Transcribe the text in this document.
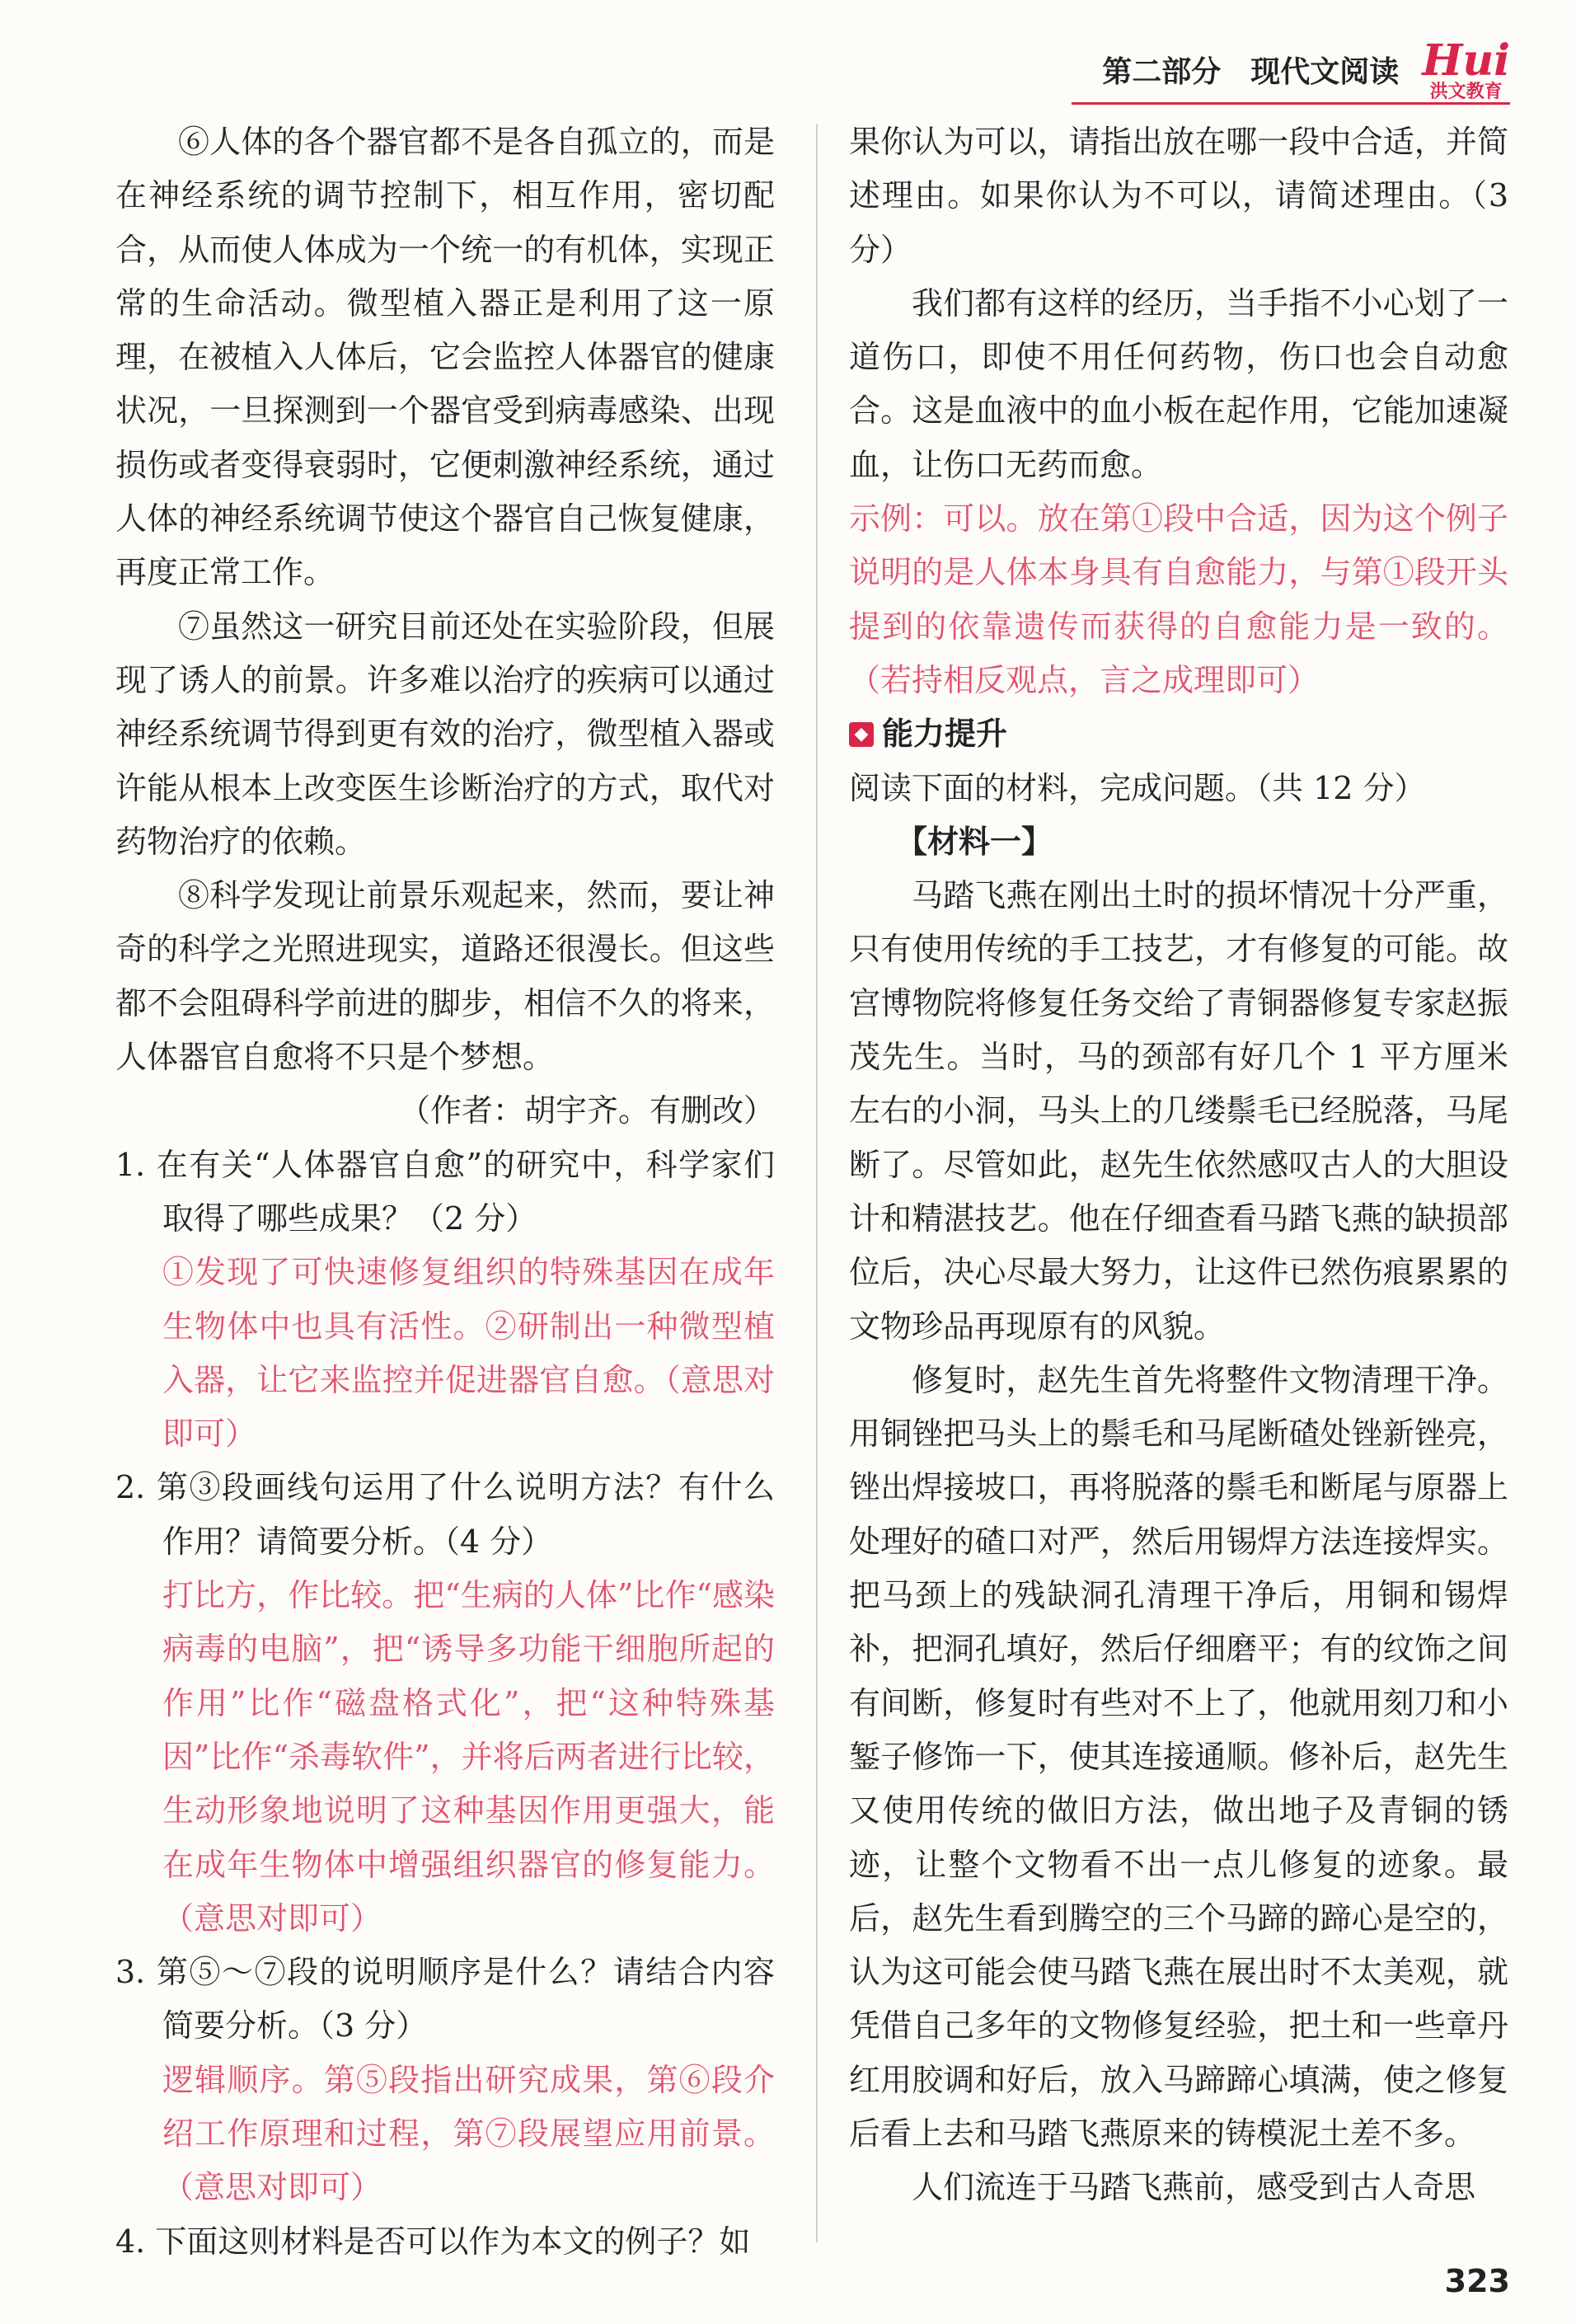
第二部分　现代文阅读 Hui
洪文教育

⑥人体的各个器官都不是各自孤立的，而是在神经系统的调节控制下，相互作用，密切配合，从而使人体成为一个统一的有机体，实现正常的生命活动。微型植入器正是利用了这一原理，在被植入人体后，它会监控人体器官的健康状况，一旦探测到一个器官受到病毒感染、出现损伤或者变得衰弱时，它便刺激神经系统，通过人体的神经系统调节使这个器官自己恢复健康，再度正常工作。

⑦虽然这一研究目前还处在实验阶段，但展现了诱人的前景。许多难以治疗的疾病可以通过神经系统调节得到更有效的治疗，微型植入器或许能从根本上改变医生诊断治疗的方式，取代对药物治疗的依赖。

⑧科学发现让前景乐观起来，然而，要让神奇的科学之光照进现实，道路还很漫长。但这些都不会阻碍科学前进的脚步，相信不久的将来，人体器官自愈将不只是个梦想。

（作者：胡宇齐。有删改）

1. 在有关“人体器官自愈”的研究中，科学家们取得了哪些成果？（2 分）

①发现了可快速修复组织的特殊基因在成年生物体中也具有活性。②研制出一种微型植入器，让它来监控并促进器官自愈。（意思对即可）

2. 第③段画线句运用了什么说明方法？有什么作用？请简要分析。（4 分）

打比方，作比较。把“生病的人体”比作“感染病毒的电脑”，把“诱导多功能干细胞所起的作用”比作“磁盘格式化”，把“这种特殊基因”比作“杀毒软件”，并将后两者进行比较，生动形象地说明了这种基因作用更强大，能在成年生物体中增强组织器官的修复能力。（意思对即可）

3. 第⑤～⑦段的说明顺序是什么？请结合内容简要分析。（3 分）

逻辑顺序。第⑤段指出研究成果，第⑥段介绍工作原理和过程，第⑦段展望应用前景。（意思对即可）

4. 下面这则材料是否可以作为本文的例子？如

果你认为可以，请指出放在哪一段中合适，并简述理由。如果你认为不可以，请简述理由。（3 分）

我们都有这样的经历，当手指不小心划了一道伤口，即使不用任何药物，伤口也会自动愈合。这是血液中的血小板在起作用，它能加速凝血，让伤口无药而愈。

示例：可以。放在第①段中合适，因为这个例子说明的是人体本身具有自愈能力，与第①段开头提到的依靠遗传而获得的自愈能力是一致的。（若持相反观点，言之成理即可）

◆ 能力提升

阅读下面的材料，完成问题。（共 12 分）

【材料一】

马踏飞燕在刚出土时的损坏情况十分严重，只有使用传统的手工技艺，才有修复的可能。故宫博物院将修复任务交给了青铜器修复专家赵振茂先生。当时，马的颈部有好几个 1 平方厘米左右的小洞，马头上的几缕鬃毛已经脱落，马尾断了。尽管如此，赵先生依然感叹古人的大胆设计和精湛技艺。他在仔细查看马踏飞燕的缺损部位后，决心尽最大努力，让这件已然伤痕累累的文物珍品再现原有的风貌。

修复时，赵先生首先将整件文物清理干净。用铜锉把马头上的鬃毛和马尾断碴处锉新锉亮，锉出焊接坡口，再将脱落的鬃毛和断尾与原器上处理好的碴口对严，然后用锡焊方法连接焊实。把马颈上的残缺洞孔清理干净后，用铜和锡焊补，把洞孔填好，然后仔细磨平；有的纹饰之间有间断，修复时有些对不上了，他就用刻刀和小錾子修饰一下，使其连接通顺。修补后，赵先生又使用传统的做旧方法，做出地子及青铜的锈迹，让整个文物看不出一点儿修复的迹象。最后，赵先生看到腾空的三个马蹄的蹄心是空的，认为这可能会使马踏飞燕在展出时不太美观，就凭借自己多年的文物修复经验，把土和一些章丹红用胶调和好后，放入马蹄蹄心填满，使之修复后看上去和马踏飞燕原来的铸模泥土差不多。

人们流连于马踏飞燕前，感受到古人奇思

323
